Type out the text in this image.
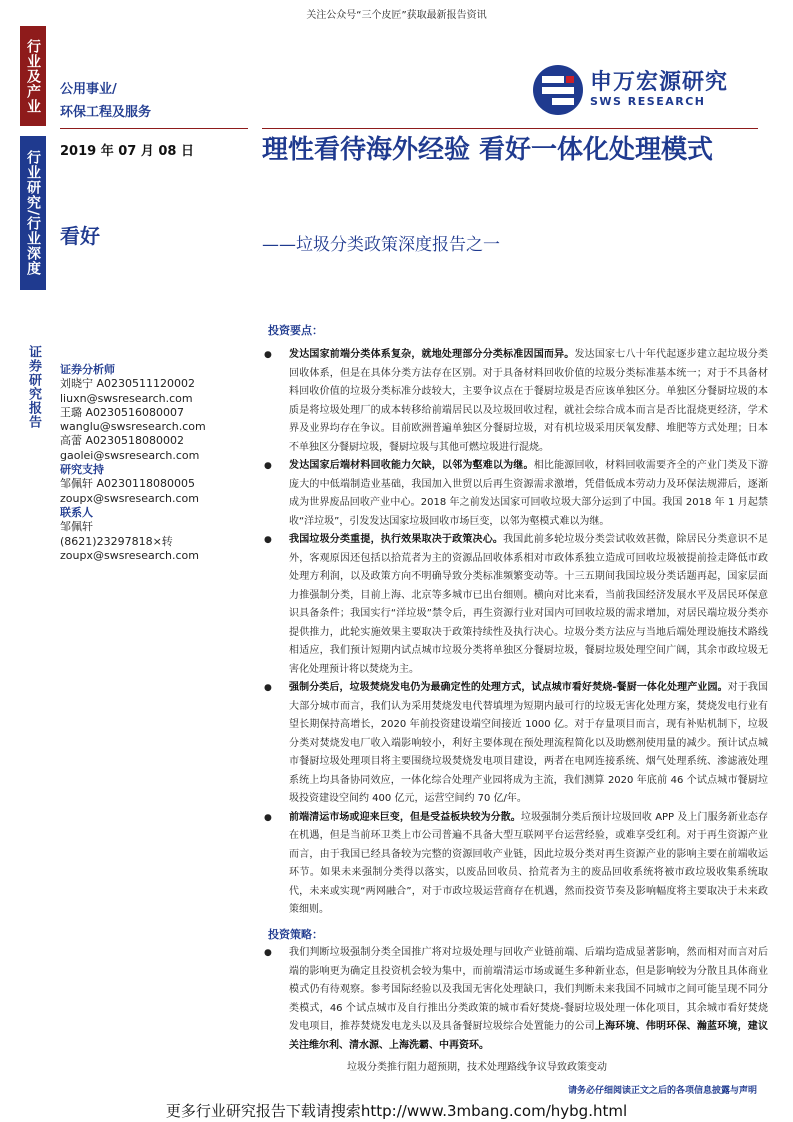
关注公众号“三个皮匠”获取最新报告资讯
行业及产业
行业研究/行业深度
证券研究报告
公用事业/
环保工程及服务
2019 年 07 月 08 日
看好
申万宏源研究
SWS RESEARCH
理性看待海外经验 看好一体化处理模式
——垃圾分类政策深度报告之一
证券分析师
刘晓宁 A0230511120002
liuxn@swsresearch.com
王璐 A0230516080007
wanglu@swsresearch.com
高蕾 A0230518080002
gaolei@swsresearch.com
研究支持
邹佩轩 A0230118080005
zoupx@swsresearch.com
联系人
邹佩轩
(8621)23297818×转
zoupx@swsresearch.com
投资要点：
● 发达国家前端分类体系复杂，就地处理部分分类标准因国而异。发达国家七八十年代起逐步建立起垃圾分类回收体系，但是在具体分类方法存在区别。对于具备材料回收价值的垃圾分类标准基本统一；对于不具备材料回收价值的垃圾分类标准分歧较大，主要争议点在于餐厨垃圾是否应该单独区分。单独区分餐厨垃圾的本质是将垃圾处理厂的成本转移给前端居民以及垃圾回收过程，就社会综合成本而言是否比混烧更经济，学术界及业界均存在争议。目前欧洲普遍单独区分餐厨垃圾，对有机垃圾采用厌氧发酵、堆肥等方式处理；日本不单独区分餐厨垃圾，餐厨垃圾与其他可燃垃圾进行混烧。
● 发达国家后端材料回收能力欠缺，以邻为壑难以为继。相比能源回收，材料回收需要齐全的产业门类及下游庞大的中低端制造业基础，我国加入世贸以后再生资源需求激增，凭借低成本劳动力及环保法规滞后，逐渐成为世界废品回收产业中心。2018 年之前发达国家可回收垃圾大部分运到了中国。我国 2018 年 1 月起禁收“洋垃圾”，引发发达国家垃圾回收市场巨变，以邻为壑模式难以为继。
● 我国垃圾分类重提，执行效果取决于政策决心。我国此前多轮垃圾分类尝试收效甚微，除居民分类意识不足外，客观原因还包括以拾荒者为主的资源品回收体系相对市政体系独立造成可回收垃圾被提前捡走降低市政处理方利润，以及政策方向不明确导致分类标准频繁变动等。十三五期间我国垃圾分类话题再起，国家层面力推强制分类，目前上海、北京等多城市已出台细则。横向对比来看，当前我国经济发展水平及居民环保意识具备条件；我国实行“洋垃圾”禁令后，再生资源行业对国内可回收垃圾的需求增加，对居民端垃圾分类亦提供推力，此轮实施效果主要取决于政策持续性及执行决心。垃圾分类方法应与当地后端处理设施技术路线相适应，我们预计短期内试点城市垃圾分类将单独区分餐厨垃圾，餐厨垃圾处理空间广阔，其余市政垃圾无害化处理预计将以焚烧为主。
● 强制分类后，垃圾焚烧发电仍为最确定性的处理方式，试点城市看好焚烧-餐厨一体化处理产业园。对于我国大部分城市而言，我们认为采用焚烧发电代替填埋为短期内最可行的垃圾无害化处理方案，焚烧发电行业有望长期保持高增长，2020 年前投资建设端空间接近 1000 亿。对于存量项目而言，现有补贴机制下，垃圾分类对焚烧发电厂收入端影响较小，利好主要体现在预处理流程简化以及助燃剂使用量的减少。预计试点城市餐厨垃圾处理项目将主要围绕垃圾焚烧发电项目建设，两者在电网连接系统、烟气处理系统、渗滤液处理系统上均具备协同效应，一体化综合处理产业园将成为主流，我们测算 2020 年底前 46 个试点城市餐厨垃圾投资建设空间约 400 亿元，运营空间约 70 亿/年。
● 前端清运市场或迎来巨变，但是受益板块较为分散。垃圾强制分类后预计垃圾回收 APP 及上门服务新业态存在机遇，但是当前环卫类上市公司普遍不具备大型互联网平台运营经验，或难享受红利。对于再生资源产业而言，由于我国已经具备较为完整的资源回收产业链，因此垃圾分类对再生资源产业的影响主要在前端收运环节。如果未来强制分类得以落实，以废品回收员、拾荒者为主的废品回收系统将被市政垃圾收集系统取代，未来或实现“两网融合”，对于市政垃圾运营商存在机遇，然而投资节奏及影响幅度将主要取决于未来政策细则。
投资策略：
● 我们判断垃圾强制分类全国推广将对垃圾处理与回收产业链前端、后端均造成显著影响，然而相对而言对后端的影响更为确定且投资机会较为集中，而前端清运市场或诞生多种新业态，但是影响较为分散且具体商业模式仍有待观察。参考国际经验以及我国无害化处理缺口，我们判断未来我国不同城市之间可能呈现不同分类模式，46 个试点城市及自行推出分类政策的城市看好焚烧-餐厨垃圾处理一体化项目，其余城市看好焚烧发电项目，推荐焚烧发电龙头以及具备餐厨垃圾综合处置能力的公司上海环境、伟明环保、瀚蓝环境，建议关注维尔利、清水源、上海洗霸、中再资环。
垃圾分类推行阻力超预期，技术处理路线争议导致政策变动
请务必仔细阅读正文之后的各项信息披露与声明
更多行业研究报告下载请搜索http://www.3mbang.com/hybg.html
